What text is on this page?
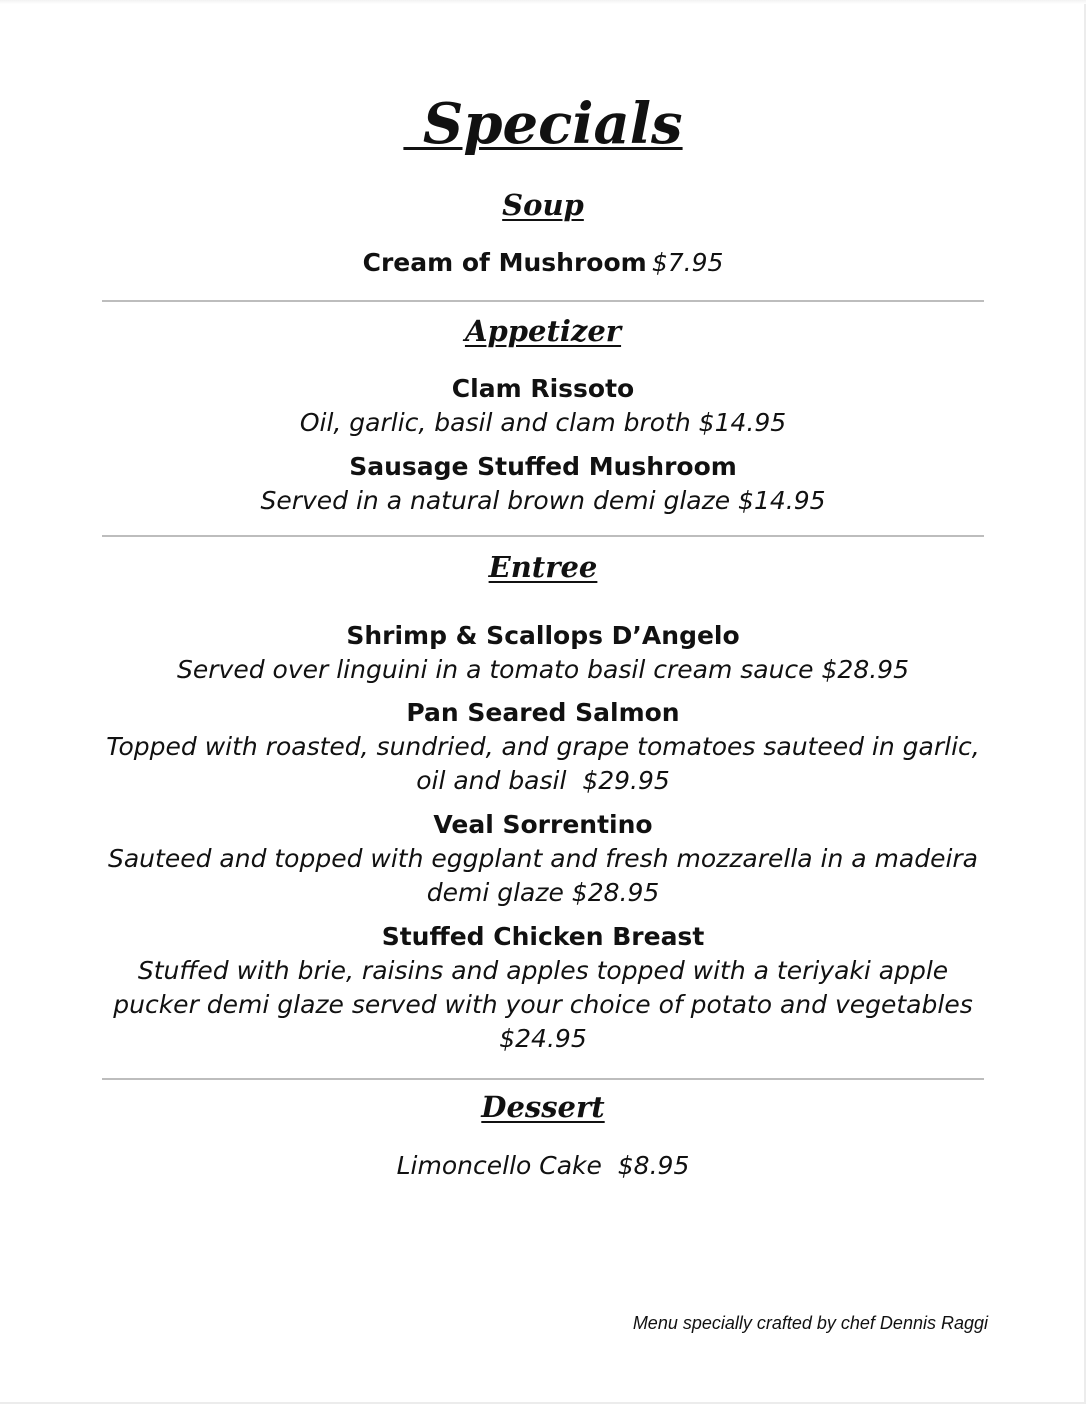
Specials
Soup
Cream of Mushroom $7.95
Appetizer
Clam Rissoto
Oil, garlic, basil and clam broth $14.95
Sausage Stuffed Mushroom
Served in a natural brown demi glaze $14.95
Entree
Shrimp & Scallops D’Angelo
Served over linguini in a tomato basil cream sauce $28.95
Pan Seared Salmon
Topped with roasted, sundried, and grape tomatoes sauteed in garlic, oil and basil  $29.95
Veal Sorrentino
Sauteed and topped with eggplant and fresh mozzarella in a madeira demi glaze $28.95
Stuffed Chicken Breast
Stuffed with brie, raisins and apples topped with a teriyaki apple pucker demi glaze served with your choice of potato and vegetables $24.95
Dessert
Limoncello Cake  $8.95
Menu specially crafted by chef Dennis Raggi
